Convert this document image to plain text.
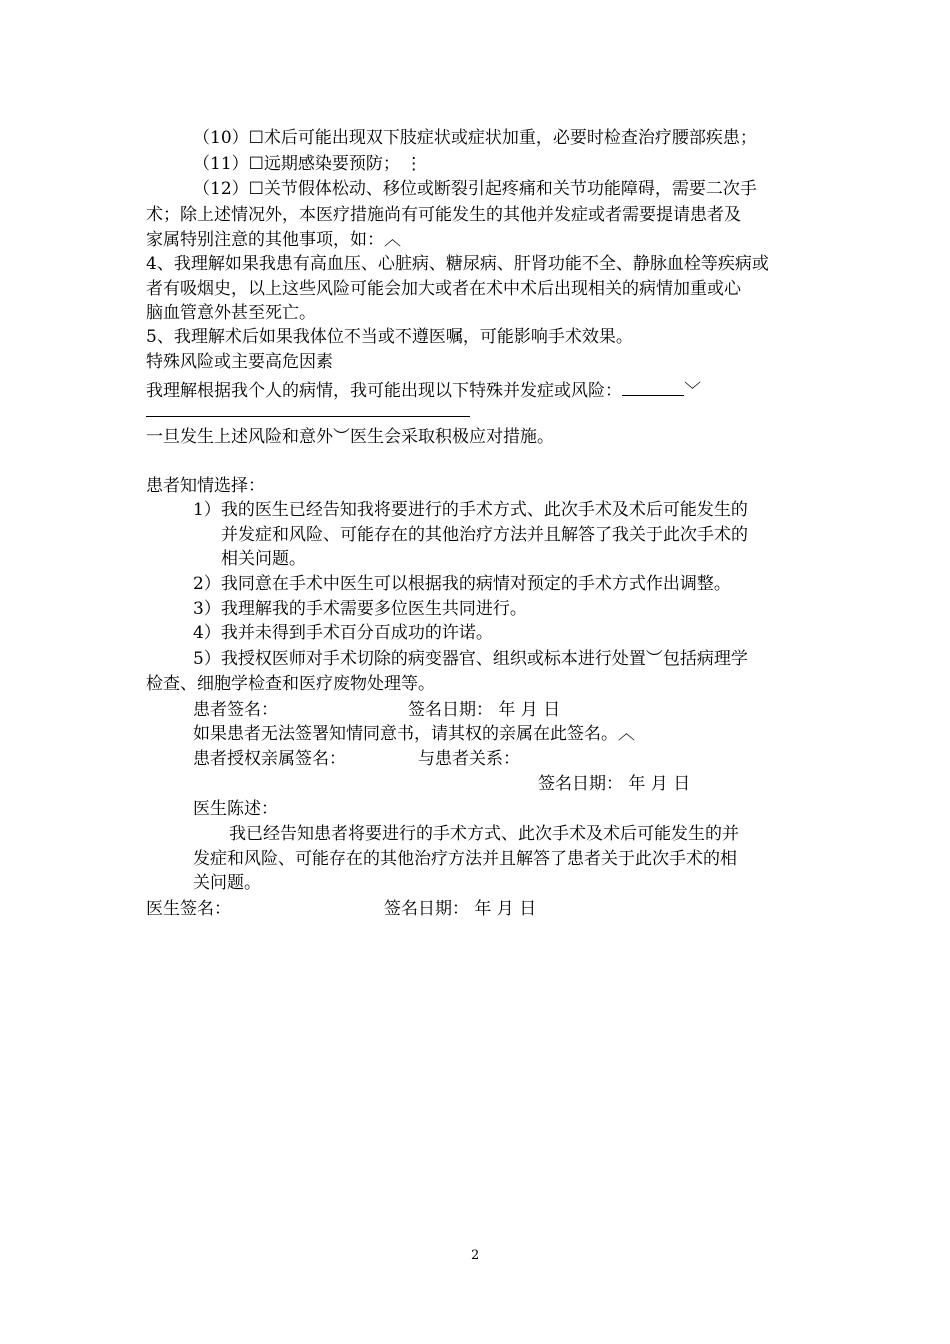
（10）☐术后可能出现双下肢症状或症状加重，必要时检查治疗腰部疾患；
（11）☐远期感染要预防； ⋮
（12）☐关节假体松动、移位或断裂引起疼痛和关节功能障碍，需要二次手
术；除上述情况外，本医疗措施尚有可能发生的其他并发症或者需要提请患者及
家属特别注意的其他事项，如：︿
4、我理解如果我患有高血压、心脏病、糖尿病、肝肾功能不全、静脉血栓等疾病或
者有吸烟史，以上这些风险可能会加大或者在术中术后出现相关的病情加重或心
脑血管意外甚至死亡。
5、我理解术后如果我体位不当或不遵医嘱，可能影响手术效果。
特殊风险或主要高危因素
我理解根据我个人的病情，我可能出现以下特殊并发症或风险：	﹀
一旦发生上述风险和意外︶医生会采取积极应对措施。
患者知情选择：
1）我的医生已经告知我将要进行的手术方式、此次手术及术后可能发生的
并发症和风险、可能存在的其他治疗方法并且解答了我关于此次手术的
相关问题。
2）我同意在手术中医生可以根据我的病情对预定的手术方式作出调整。
3）我理解我的手术需要多位医生共同进行。
4）我并未得到手术百分百成功的许诺。
5）我授权医师对手术切除的病变器官、组织或标本进行处置︶包括病理学
检查、细胞学检查和医疗废物处理等。
患者签名：	签名日期： 年 月 日
如果患者无法签署知情同意书，请其权的亲属在此签名。︿
患者授权亲属签名：	与患者关系：
签名日期： 年 月 日
医生陈述：
我已经告知患者将要进行的手术方式、此次手术及术后可能发生的并
发症和风险、可能存在的其他治疗方法并且解答了患者关于此次手术的相
关问题。
医生签名：	签名日期： 年 月 日
2
